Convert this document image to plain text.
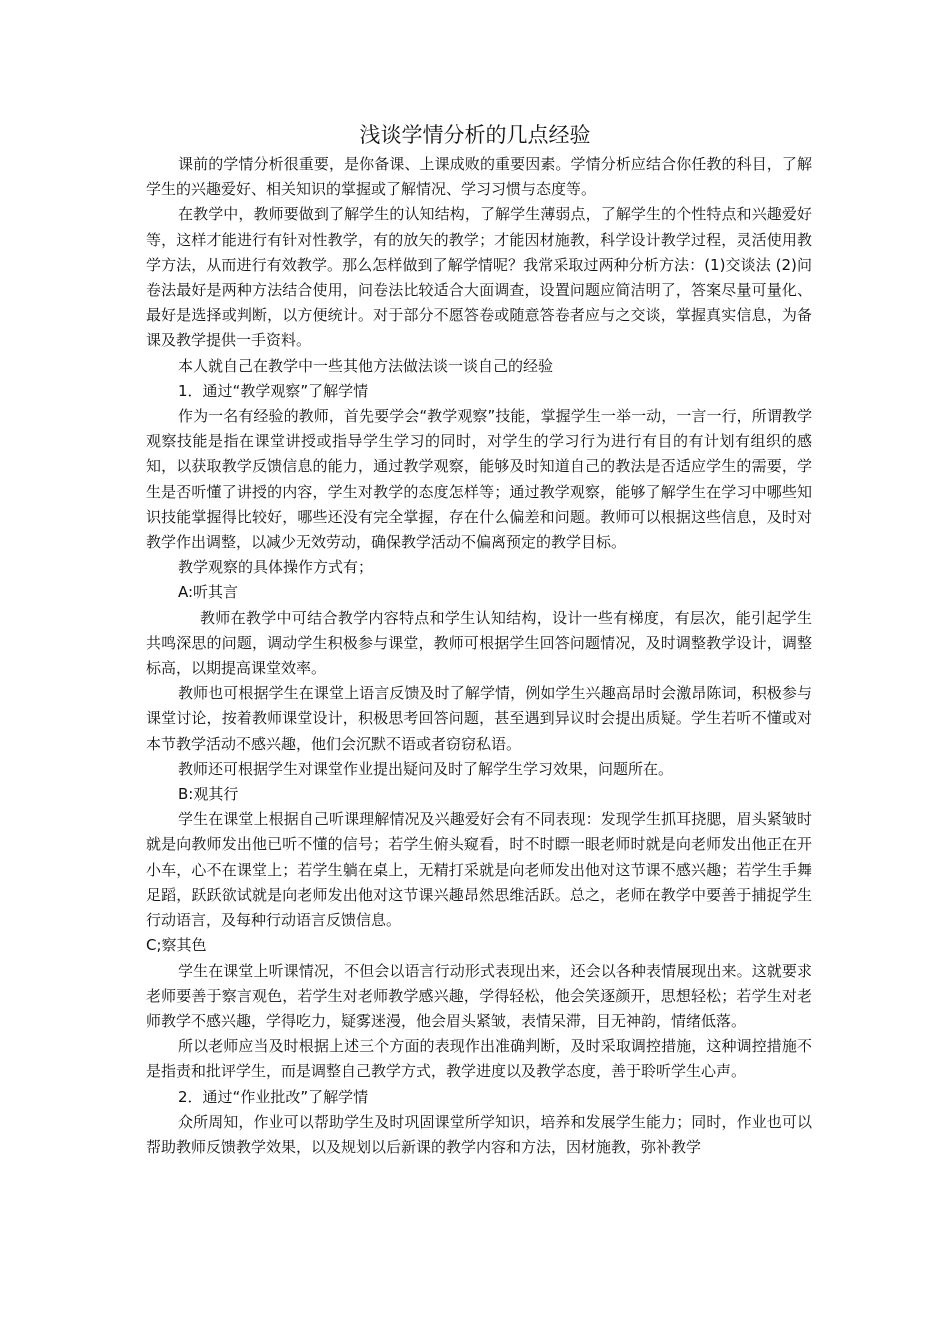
浅谈学情分析的几点经验

课前的学情分析很重要，是你备课、上课成败的重要因素。学情分析应结合你任教的科目，了解学生的兴趣爱好、相关知识的掌握或了解情况、学习习惯与态度等。

在教学中，教师要做到了解学生的认知结构，了解学生薄弱点，了解学生的个性特点和兴趣爱好等，这样才能进行有针对性教学，有的放矢的教学；才能因材施教，科学设计教学过程，灵活使用教学方法，从而进行有效教学。那么怎样做到了解学情呢？我常采取过两种分析方法：(1)交谈法 (2)问卷法最好是两种方法结合使用，问卷法比较适合大面调查，设置问题应简洁明了，答案尽量可量化、最好是选择或判断，以方便统计。对于部分不愿答卷或随意答卷者应与之交谈，掌握真实信息，为备课及教学提供一手资料。

本人就自己在教学中一些其他方法做法谈一谈自己的经验

1．通过“教学观察”了解学情

作为一名有经验的教师，首先要学会“教学观察”技能，掌握学生一举一动，一言一行，所谓教学观察技能是指在课堂讲授或指导学生学习的同时，对学生的学习行为进行有目的有计划有组织的感知，以获取教学反馈信息的能力，通过教学观察，能够及时知道自己的教法是否适应学生的需要，学生是否听懂了讲授的内容，学生对教学的态度怎样等；通过教学观察，能够了解学生在学习中哪些知识技能掌握得比较好，哪些还没有完全掌握，存在什么偏差和问题。教师可以根据这些信息，及时对教学作出调整，以减少无效劳动，确保教学活动不偏离预定的教学目标。

教学观察的具体操作方式有；

A:听其言

教师在教学中可结合教学内容特点和学生认知结构，设计一些有梯度，有层次，能引起学生共鸣深思的问题，调动学生积极参与课堂，教师可根据学生回答问题情况，及时调整教学设计，调整标高，以期提高课堂效率。

教师也可根据学生在课堂上语言反馈及时了解学情，例如学生兴趣高昂时会激昂陈词，积极参与课堂讨论，按着教师课堂设计，积极思考回答问题，甚至遇到异议时会提出质疑。学生若听不懂或对本节教学活动不感兴趣，他们会沉默不语或者窃窃私语。

教师还可根据学生对课堂作业提出疑问及时了解学生学习效果，问题所在。

B:观其行

学生在课堂上根据自己听课理解情况及兴趣爱好会有不同表现：发现学生抓耳挠腮，眉头紧皱时就是向教师发出他已听不懂的信号；若学生俯头窥看，时不时瞟一眼老师时就是向老师发出他正在开小车，心不在课堂上；若学生躺在桌上，无精打采就是向老师发出他对这节课不感兴趣；若学生手舞足蹈，跃跃欲试就是向老师发出他对这节课兴趣昂然思维活跃。总之，老师在教学中要善于捕捉学生行动语言，及每种行动语言反馈信息。

C;察其色

学生在课堂上听课情况，不但会以语言行动形式表现出来，还会以各种表情展现出来。这就要求老师要善于察言观色，若学生对老师教学感兴趣，学得轻松，他会笑逐颜开，思想轻松；若学生对老师教学不感兴趣，学得吃力，疑雾迷漫，他会眉头紧皱，表情呆滞，目无神韵，情绪低落。

所以老师应当及时根据上述三个方面的表现作出准确判断，及时采取调控措施，这种调控措施不是指责和批评学生，而是调整自己教学方式，教学进度以及教学态度，善于聆听学生心声。

2．通过“作业批改”了解学情

众所周知，作业可以帮助学生及时巩固课堂所学知识，培养和发展学生能力；同时，作业也可以帮助教师反馈教学效果，以及规划以后新课的教学内容和方法，因材施教，弥补教学
